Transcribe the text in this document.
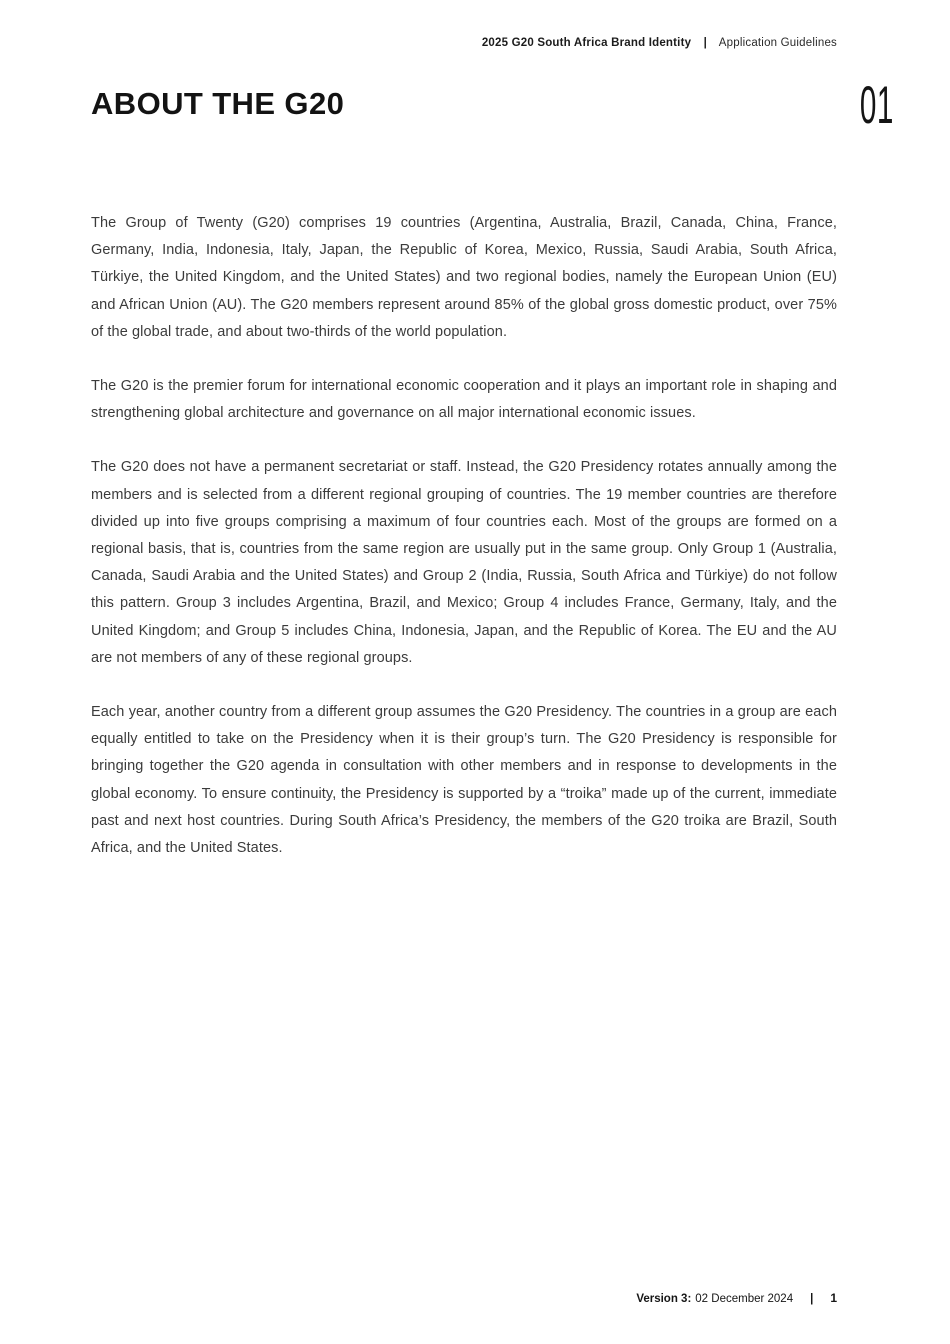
2025 G20 South Africa Brand Identity | Application Guidelines
ABOUT THE G20	01

The Group of Twenty (G20) comprises 19 countries (Argentina, Australia, Brazil, Canada, China, France, Germany, India, Indonesia, Italy, Japan, the Republic of Korea, Mexico, Russia, Saudi Arabia, South Africa, Türkiye, the United Kingdom, and the United States) and two regional bodies, namely the European Union (EU) and African Union (AU). The G20 members represent around 85% of the global gross domestic product, over 75% of the global trade, and about two-thirds of the world population.

The G20 is the premier forum for international economic cooperation and it plays an important role in shaping and strengthening global architecture and governance on all major international economic issues.

The G20 does not have a permanent secretariat or staff. Instead, the G20 Presidency rotates annually among the members and is selected from a different regional grouping of countries. The 19 member countries are therefore divided up into five groups comprising a maximum of four countries each. Most of the groups are formed on a regional basis, that is, countries from the same region are usually put in the same group. Only Group 1 (Australia, Canada, Saudi Arabia and the United States) and Group 2 (India, Russia, South Africa and Türkiye) do not follow this pattern. Group 3 includes Argentina, Brazil, and Mexico; Group 4 includes France, Germany, Italy, and the United Kingdom; and Group 5 includes China, Indonesia, Japan, and the Republic of Korea. The EU and the AU are not members of any of these regional groups.

Each year, another country from a different group assumes the G20 Presidency. The countries in a group are each equally entitled to take on the Presidency when it is their group’s turn. The G20 Presidency is responsible for bringing together the G20 agenda in consultation with other members and in response to developments in the global economy. To ensure continuity, the Presidency is supported by a “troika” made up of the current, immediate past and next host countries. During South Africa’s Presidency, the members of the G20 troika are Brazil, South Africa, and the United States.

Version 3: 02 December 2024 | 1
